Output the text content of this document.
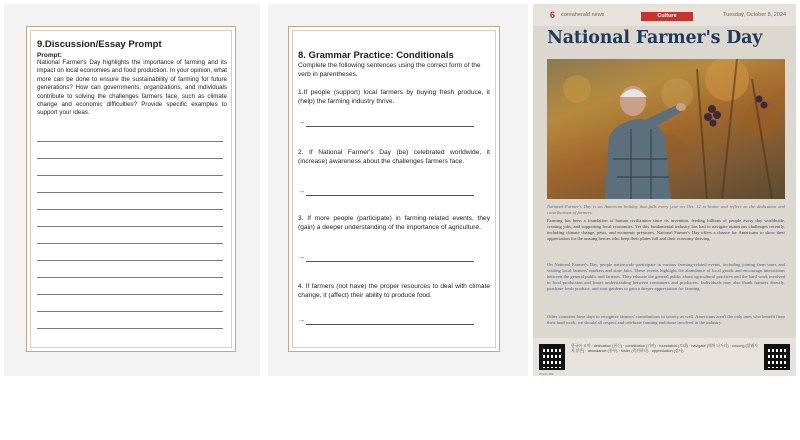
9.Discussion/Essay Prompt
Prompt:

National Farmer's Day highlights the importance of farming and its impact on local economies and food production. In your opinion, what more can be done to ensure the sustainability of farming for future generations? How can governments, organizations, and individuals contribute to solving the challenges farmers face, such as climate change and economic difficulties? Provide specific examples to support your ideas.

8. Grammar Practice: Conditionals

Complete the following sentences using the correct form of the verb in parentheses.

1.If people (support) local farmers by buying fresh produce, it (help) the farming industry thrive.
→
2. If National Farmer's Day (be) celebrated worldwide, it (increase) awareness about the challenges farmers face.
→
3. If more people (participate) in farming-related events, they (gain) a deeper understanding of the importance of agriculture.
→
4. If farmers (not have) the proper resources to deal with climate change, it (affect) their ability to produce food.
→
6 coreaherald news	Culture	Tuesday, October 8, 2024
National Farmer's Day

National Farmer's Day is an American holiday that falls every year on Oct. 12 to honor and reflect on the dedication and contributions of farmers.

Farming has been a foundation of human civilization since its invention, feeding billions of people every day worldwide, creating jobs, and supporting local economies. Yet this fundamental industry has had to navigate numerous challenges recently, including climate change, pests, and economic pressures. National Farmer's Day offers a chance for Americans to show their appreciation for the unsung heroes who keep their plates full and their economy thriving.

On National Farmer's Day, people nationwide participate in various farming-related events, including joining farm tours and visiting local farmers' markets and state fairs. These events highlight the abundance of local goods and encourage interactions between the general public and farmers. They educate the general public about agricultural practices and the hard work involved in food production and foster understanding between consumers and producers. Individuals may also thank farmers directly, purchase fresh produce, and start gardens to gain a deeper appreciation for farming.

Other countries have days to recognize farmers' contributions to society as well. Americans aren't the only ones who benefit from their hard work; we should all respect and celebrate farming and those involved in the industry.

한국어 요약 · dedication (헌신) · contribution (기여) · foundation (토대) · navigate (헤쳐 나가다) · unsung (알려지지 않은) · abundance (풍부) · foster (촉진하다) · appreciation (감사)
Words 262
